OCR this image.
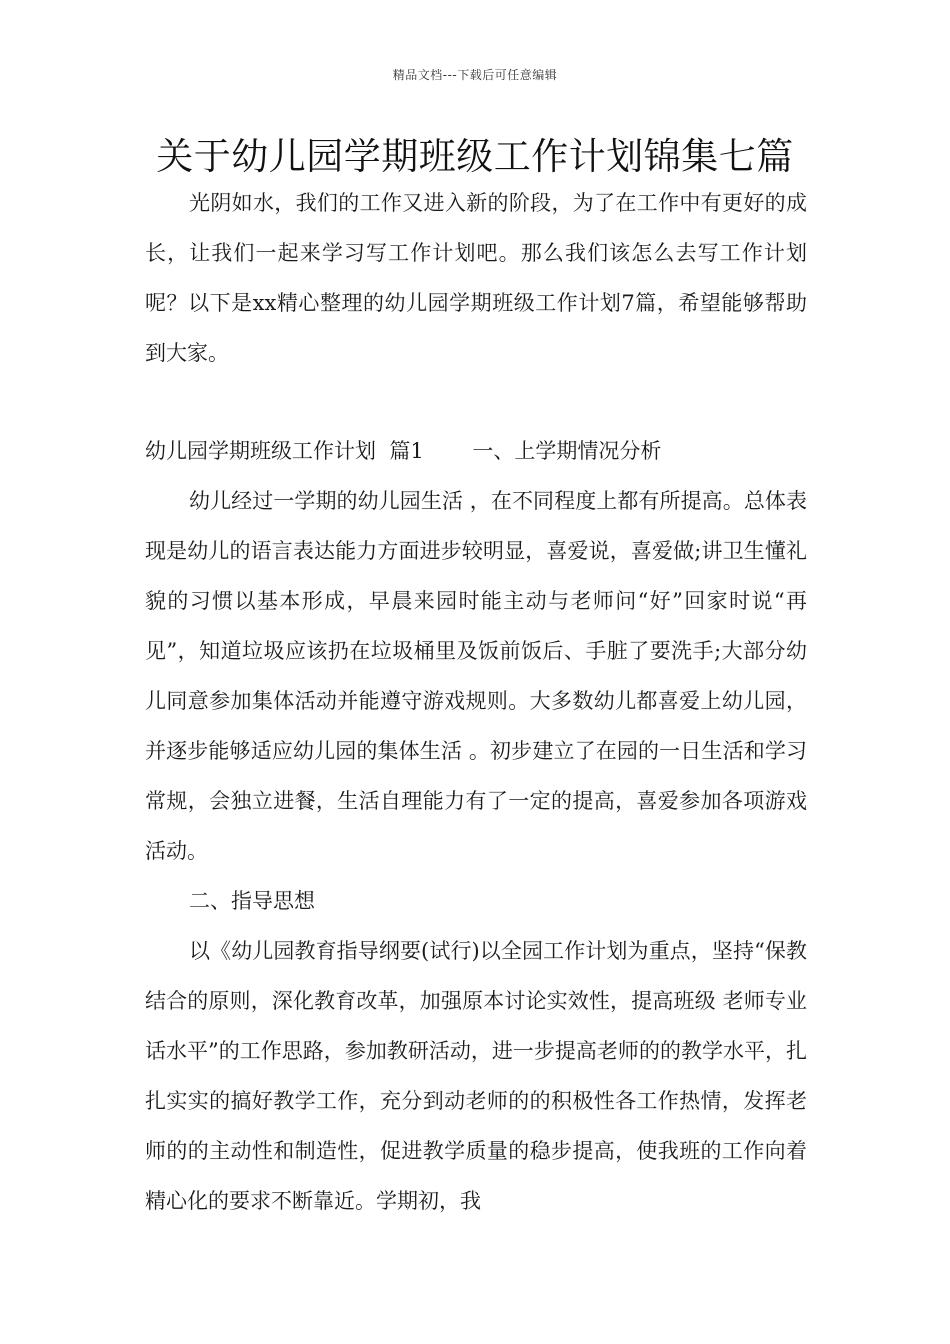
精品文档---下载后可任意编辑
关于幼儿园学期班级工作计划锦集七篇

光阴如水，我们的工作又进入新的阶段，为了在工作中有更好的成长，让我们一起来学习写工作计划吧。那么我们该怎么去写工作计划呢？以下是xx精心整理的幼儿园学期班级工作计划7篇，希望能够帮助到大家。

幼儿园学期班级工作计划  篇1　　 一、上学期情况分析

幼儿经过一学期的幼儿园生活 ，在不同程度上都有所提高。总体表现是幼儿的语言表达能力方面进步较明显，喜爱说，喜爱做;讲卫生懂礼貌的习惯以基本形成，早晨来园时能主动与老师问“好”回家时说“再见”，知道垃圾应该扔在垃圾桶里及饭前饭后、手脏了要洗手;大部分幼儿同意参加集体活动并能遵守游戏规则。大多数幼儿都喜爱上幼儿园，并逐步能够适应幼儿园的集体生活 。初步建立了在园的一日生活和学习 常规，会独立进餐，生活自理能力有了一定的提高，喜爱参加各项游戏活动。

二、指导思想

以《幼儿园教育指导纲要(试行)以全园工作计划为重点，坚持“保教结合的原则，深化教育改革，加强原本讨论实效性，提高班级 老师专业 话水平”的工作思路，参加教研活动，进一步提高老师的的教学水平，扎扎实实的搞好教学工作，充分到动老师的的积极性各工作热情，发挥老师的的主动性和制造性，促进教学质量的稳步提高，使我班的工作向着精心化的要求不断靠近。学期初，我
